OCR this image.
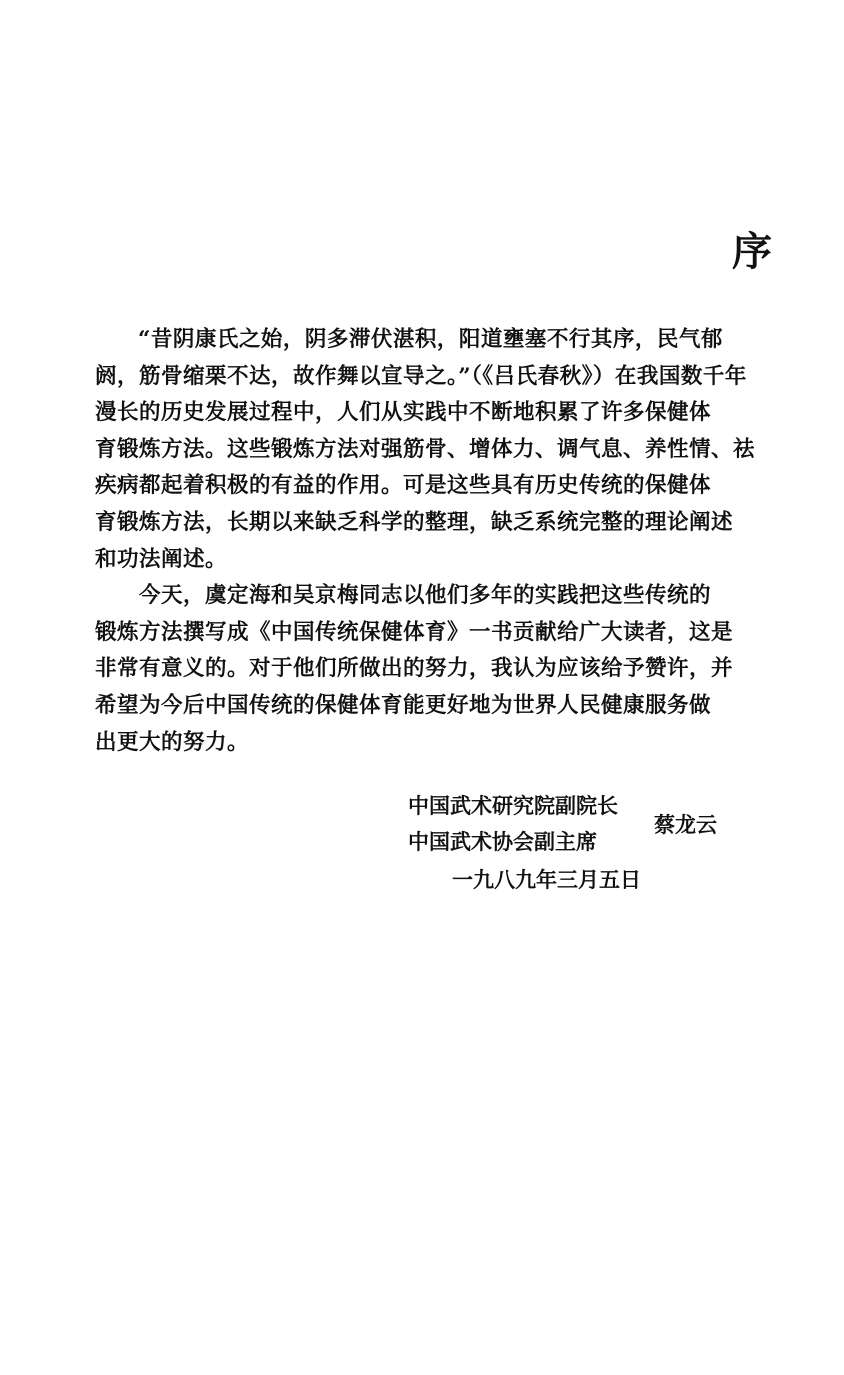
序

“昔阴康氏之始，阴多滞伏湛积，阳道壅塞不行其序，民气郁
阏，筋骨缩栗不达，故作舞以宣导之。”（《吕氏春秋》）在我国数千年
漫长的历史发展过程中，人们从实践中不断地积累了许多保健体
育锻炼方法。这些锻炼方法对强筋骨、增体力、调气息、养性情、祛
疾病都起着积极的有益的作用。可是这些具有历史传统的保健体
育锻炼方法，长期以来缺乏科学的整理，缺乏系统完整的理论阐述
和功法阐述。

　　今天，虞定海和吴京梅同志以他们多年的实践把这些传统的
锻炼方法撰写成《中国传统保健体育》一书贡献给广大读者，这是
非常有意义的。对于他们所做出的努力，我认为应该给予赞许，并
希望为今后中国传统的保健体育能更好地为世界人民健康服务做
出更大的努力。

中国武术研究院副院长
中国武术协会副主席
蔡龙云
一九八九年三月五日
